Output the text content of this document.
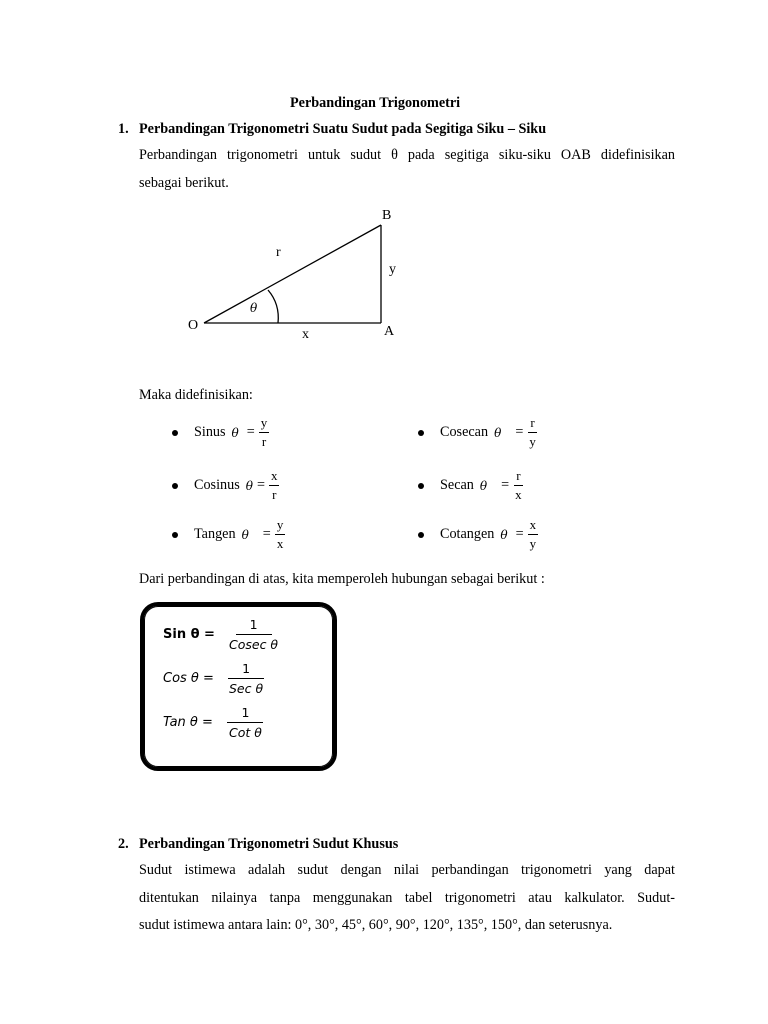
Perbandingan Trigonometri
1. Perbandingan Trigonometri Suatu Sudut pada Segitiga Siku – Siku
Perbandingan trigonometri untuk sudut θ pada segitiga siku-siku OAB didefinisikan
sebagai berikut.
B
O	A
r
y
x
θ
Maka didefinisikan:
Sinus $\theta = \frac{y}{r}$	Cosecan $\theta = \frac{r}{y}$
Cosinus $\theta = \frac{x}{r}$	Secan $\theta = \frac{r}{x}$
Tangen $\theta = \frac{y}{x}$	Cotangen $\theta = \frac{x}{y}$
Dari perbandingan di atas, kita memperoleh hubungan sebagai berikut :
Sin $\theta = \frac{1}{\text{Cosec θ}}$
Cos θ =	$\frac{1}{\text{Sec θ}}$
Tan θ =	$\frac{1}{\text{Cot θ}}$
2. Perbandingan Trigonometri Sudut Khusus
Sudut istimewa adalah sudut dengan nilai perbandingan trigonometri yang dapat
ditentukan nilainya tanpa menggunakan tabel trigonometri atau kalkulator. Sudut-
sudut istimewa antara lain: 0°, 30°, 45°, 60°, 90°, 120°, 135°, 150°, dan seterusnya.
